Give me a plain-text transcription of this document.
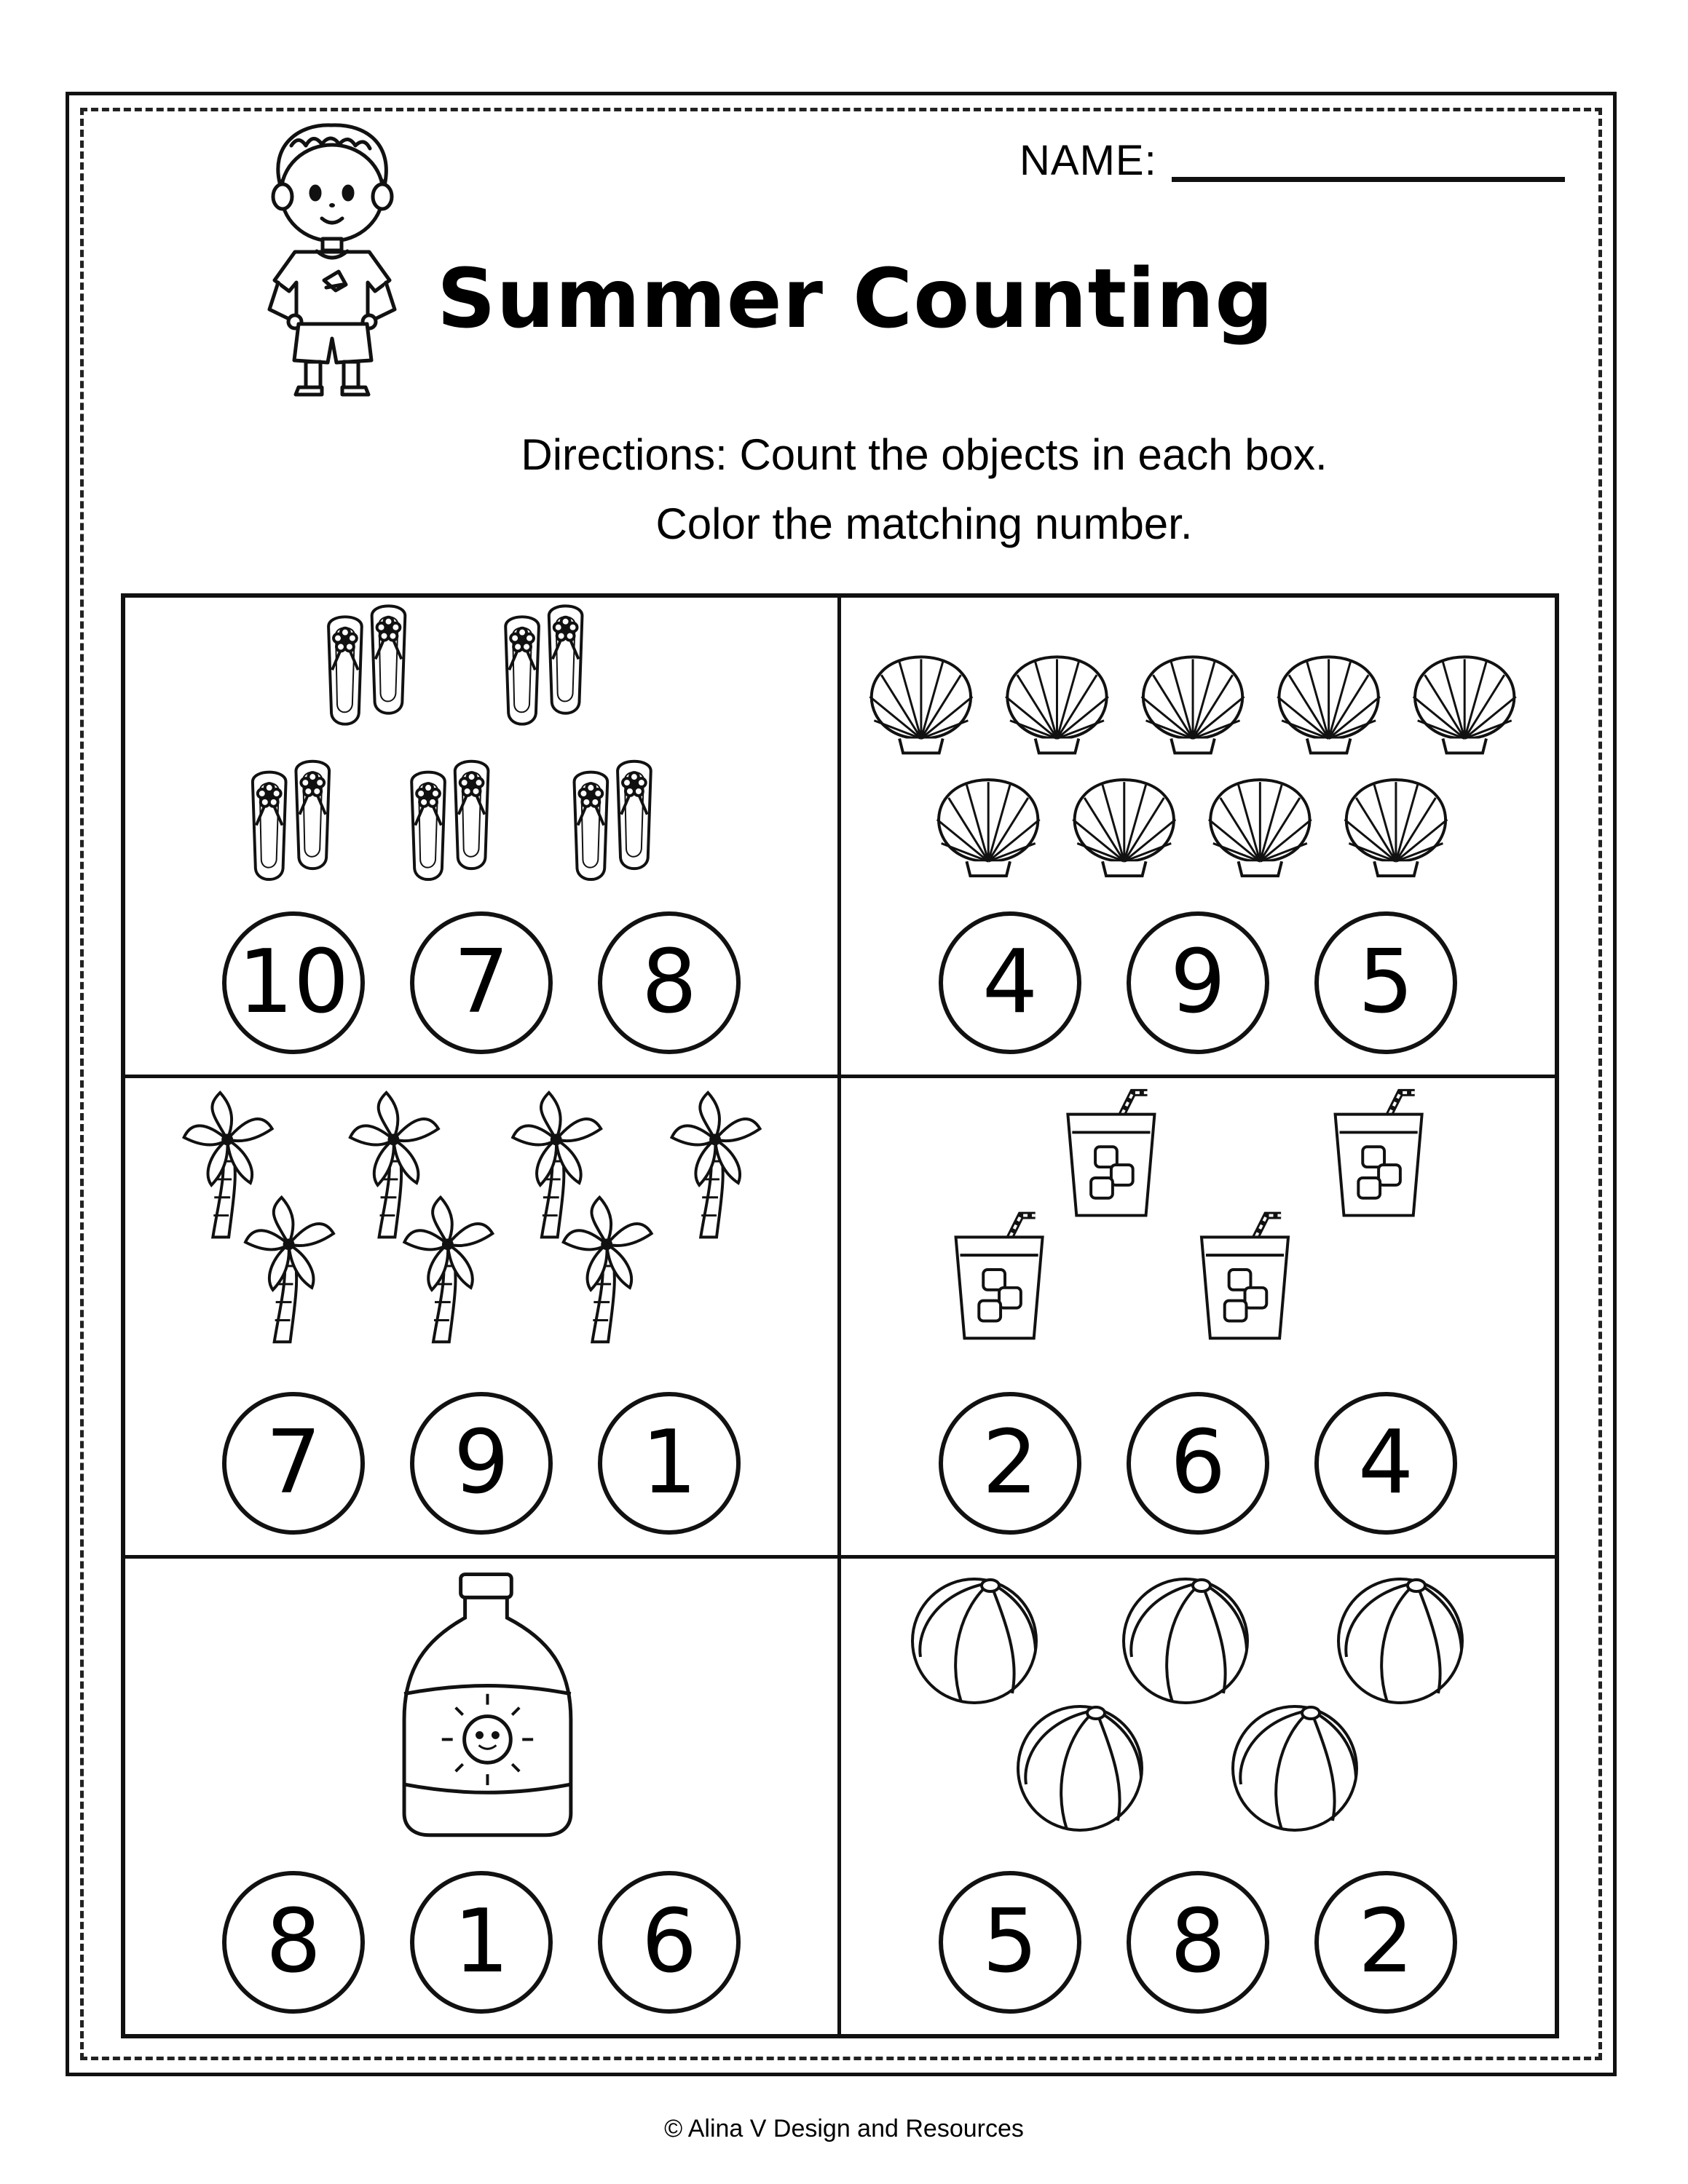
NAME:
Summer Counting
Directions: Count the objects in each box.
Color the matching number.
10	7	8	4	9	5
7	9	1	2	6	4
8	1	6	5	8	2
© Alina V Design and Resources
